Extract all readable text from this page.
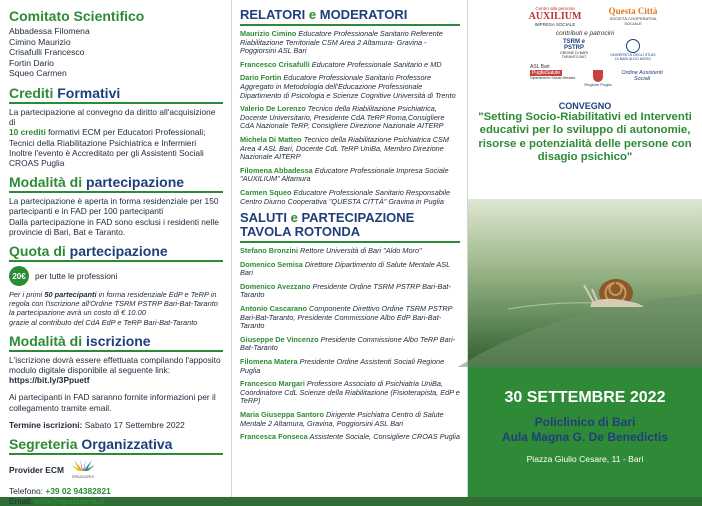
Comitato Scientifico
Abbadessa Filomena
Cimino Maurizio
Crisafulli Francesco
Fortin Dario
Squeo Carmen
Crediti Formativi
La partecipazione al convegno da diritto all'acquisizione di
10 crediti formativi ECM per Educatori Professionali;
Tecnici della Riabilitazione Psichiatrica e Infermieri
Inoltre l'evento è Accreditato per gli Assistenti Sociali
CROAS Puglia
Modalità di partecipazione
La partecipazione è aperta in forma residenziale per 150
partecipanti e in FAD per 100 partecipanti
Dalla partecipazione in FAD sono esclusi i residenti nelle
provincie di Bari, Bat e Taranto.
Quota di partecipazione
20€	per tutte le professioni
Per i primi 50 partecipanti in forma residenziale EdP e TeRP in
regola con l'iscrizione all'Ordine TSRM PSTRP Bari-Bat-Taranto
la partecipazione avrà un costo di € 10.00
grazie al contributo del CdA EdP e TeRP Bari-Bat-Taranto
Modalità di iscrizione
L'iscrizione dovrà essere effettuata compilando l'apposito
modulo digitale disponibile al seguente link:
https://bit.ly/3Ppuetf
Ai partecipanti in FAD saranno fornite informazioni per il
collegamento tramite email.
Termine iscrizioni: Sabato 17 Settembre 2022
Segreteria Organizzativa
Provider ECM
SPAZIOIRIS
Telefono: +39 02 94382821
Email: info@spazioiris.it
RELATORI e MODERATORI
Maurizio Cimino Educatore Professionale Sanitario Referente Riabilitazione Territoriale CSM Area 2 Altamura- Gravina - Poggiorsini ASL Bari
Francesco Crisafulli Educatore Professionale Sanitario e MD
Dario Fortin Educatore Professionale Sanitario Professore Aggregato in Metodologia dell'Educazione Professionale Dipartimento di Psicologia e Scienze Cognitive Università di Trento
Valerio De Lorenzo Tecnico della Riabilitazione Psichiatrica, Docente Universitario, Presidente CdA TeRP Roma,Consigliere CdA Nazionale TeRP, Consigliere Direzione Nazionale AITERP
Michela Di Matteo Tecnico della Riabilitazione Psichiatrica CSM Area 4 ASL Bari, Docente CdL TeRP UniBa, Membro Direzione Nazionale AITERP
Filomena Abbadessa Educatore Professionale Impresa Sociale "AUXILIUM" Altamura
Carmen Squeo Educatore Professionale Sanitario Responsabile Centro Diurno Cooperativa "QUESTA CITTÀ" Gravina in Puglia
SALUTI e PARTECIPAZIONE
TAVOLA ROTONDA
Stefano Bronzini Rettore Università di Bari "Aldo Moro"
Domenico Semisa Direttore Dipartimento di Salute Mentale ASL Bari
Domenico Avezzano Presidente Ordine TSRM PSTRP Bari-Bat-Taranto
Antonio Cascarano Componente Direttivo Ordine TSRM PSTRP Bari-Bat-Taranto, Presidente Commissione Albo EdP Bari-Bat-Taranto
Giuseppe De Vincenzo Presidente Commissione Albo TeRP Bari-Bat-Taranto
Filomena Matera Presidente Ordine Assistenti Sociali Regione Puglia
Francesco Margari Professore Associato di Psichiatria UniBa, Coordinatore CdL Scienze della Riabilitazione (Fisioterapista, EdP e TeRP)
Maria Giuseppa Santoro Dirigente Psichiatra Centro di Salute Mentale 2 Altamura, Gravina, Poggiorsini ASL Bari
Francesca Fonseca Assistente Sociale, Consigliere CROAS Puglia
Centro alla persona
AUXILIUM
IMPRESA SOCIALE
Questa Città
SOCIETÀ COOPERATIVA SOCIALE
contributi e patrocini
TSRM e PSTRP
ORDINE DI BARI TARANTO BAT	UNIVERSITÀ DEGLI STUDI DI BARI ALDO MORO
ASL Bari
PugliaSalute
Dipartimento Salute Mentale
Regione Puglia
Ordine Assistenti Sociali
CONVEGNO
"Setting Socio-Riabilitativi ed Interventi educativi per lo sviluppo di autonomie, risorse e potenzialità delle persone con disagio psichico"
30 SETTEMBRE 2022
Policlinico di Bari
Aula Magna G. De Benedictis
Piazza Giulio Cesare, 11 - Bari
